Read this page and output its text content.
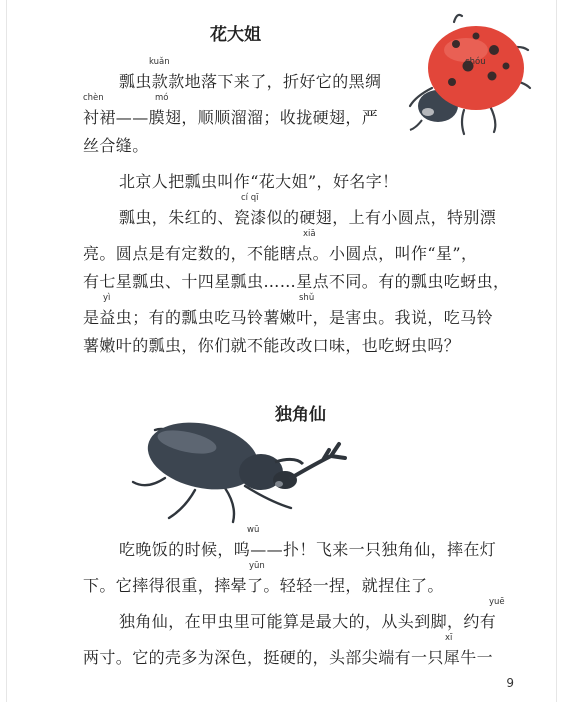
花大姐
瓢虫款款地落下来了，折好它的黑绸
kuǎn	chóu
衬裙——膜翅，顺顺溜溜；收拢硬翅，严
chèn	mó
丝合缝。
北京人把瓢虫叫作“花大姐”，好名字！
瓢虫，朱红的、瓷漆似的硬翅，上有小圆点，特别漂
cí qī
亮。圆点是有定数的，不能瞎点。小圆点，叫作“星”，
xiā
有七星瓢虫、十四星瓢虫……星点不同。有的瓢虫吃蚜虫，
是益虫；有的瓢虫吃马铃薯嫩叶，是害虫。我说，吃马铃
yì	shǔ
薯嫩叶的瓢虫，你们就不能改改口味，也吃蚜虫吗？
独角仙
吃晚饭的时候，呜——扑！飞来一只独角仙，摔在灯
wū
下。它摔得很重，摔晕了。轻轻一捏，就捏住了。
yūn
独角仙，在甲虫里可能算是最大的，从头到脚，约有
yuē
两寸。它的壳多为深色，挺硬的，头部尖端有一只犀牛一
xī
9
